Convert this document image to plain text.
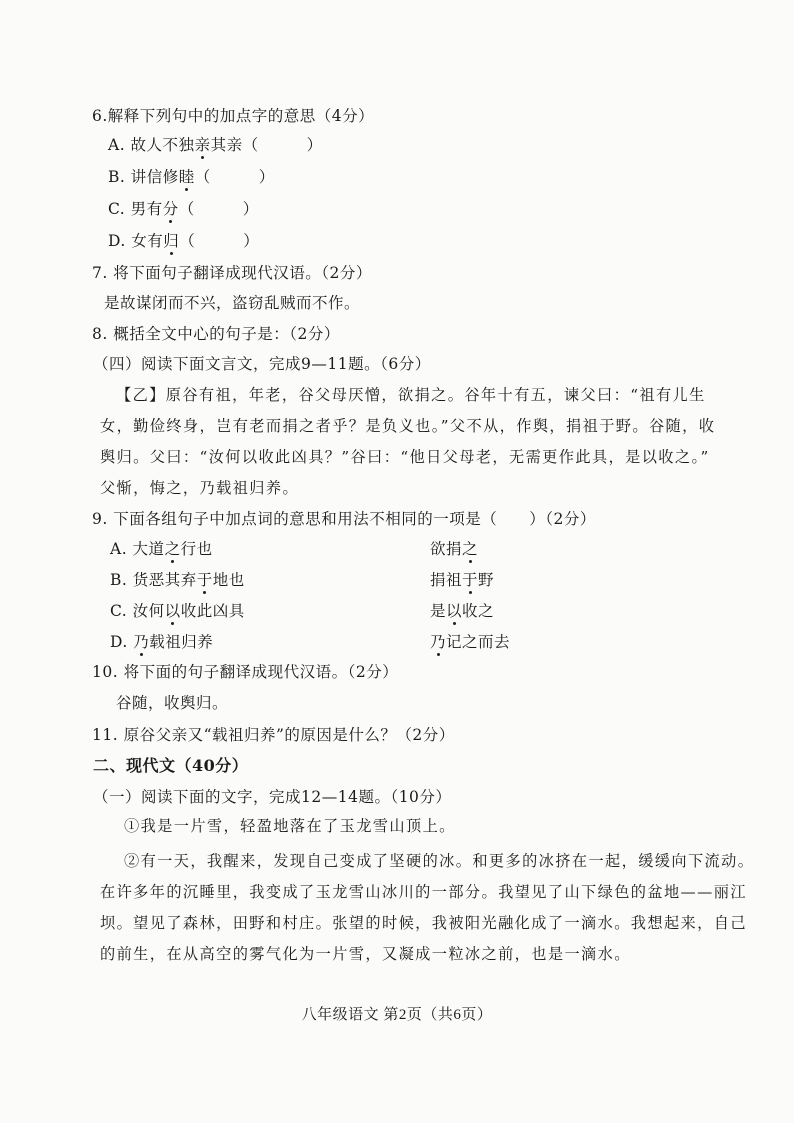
6.解释下列句中的加点字的意思（4分）
A. 故人不独亲其亲（　　　）
B. 讲信修睦（　　　）
C. 男有分（　　　）
D. 女有归（　　　）
7. 将下面句子翻译成现代汉语。（2分）
是故谋闭而不兴，盗窃乱贼而不作。
8. 概括全文中心的句子是：（2分）
（四）阅读下面文言文，完成9—11题。（6分）
【乙】原谷有祖，年老，谷父母厌憎，欲捐之。谷年十有五，谏父曰：“祖有儿生
女，勤俭终身，岂有老而捐之者乎？是负义也。”父不从，作舆，捐祖于野。谷随，收
舆归。父曰：“汝何以收此凶具？”谷曰：“他日父母老，无需更作此具，是以收之。”
父惭，悔之，乃载祖归养。
9. 下面各组句子中加点词的意思和用法不相同的一项是（　　）（2分）
A. 大道之行也	欲捐之
B. 货恶其弃于地也	捐祖于野
C. 汝何以收此凶具	是以收之
D. 乃载祖归养	乃记之而去
10. 将下面的句子翻译成现代汉语。（2分）
谷随，收舆归。
11. 原谷父亲又“载祖归养”的原因是什么？（2分）
二、现代文（40分）
（一）阅读下面的文字，完成12—14题。（10分）
①我是一片雪，轻盈地落在了玉龙雪山顶上。
②有一天，我醒来，发现自己变成了坚硬的冰。和更多的冰挤在一起，缓缓向下流动。
在许多年的沉睡里，我变成了玉龙雪山冰川的一部分。我望见了山下绿色的盆地——丽江
坝。望见了森林，田野和村庄。张望的时候，我被阳光融化成了一滴水。我想起来，自己
的前生，在从高空的雾气化为一片雪，又凝成一粒冰之前，也是一滴水。
八年级语文 第2页（共6页）
